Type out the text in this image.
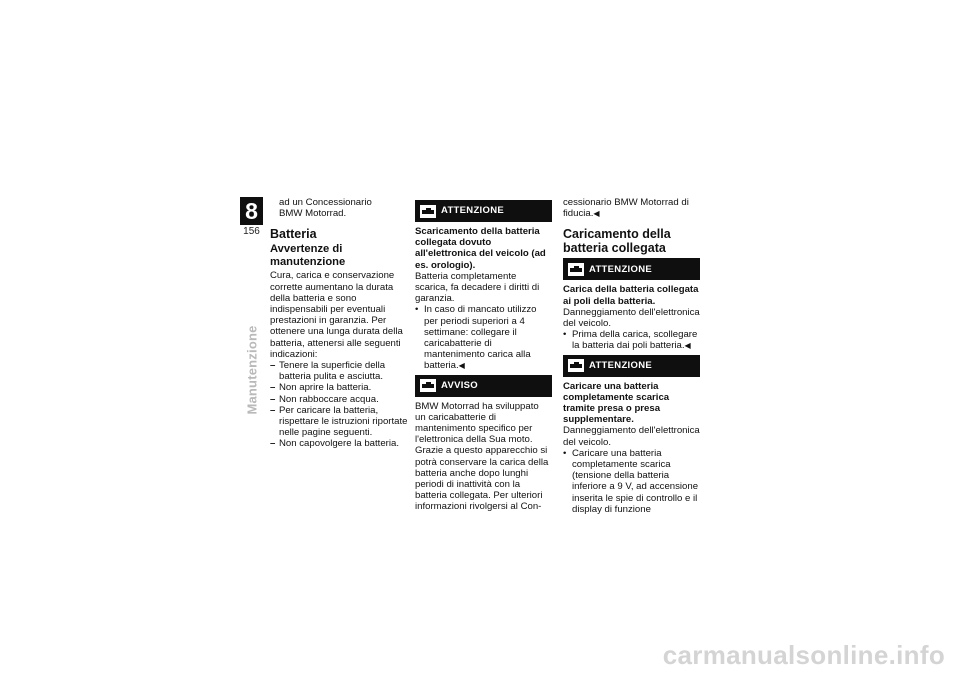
8
156
Manutenzione

ad un Concessionario

BMW Motorrad.

Batteria
Avvertenze di manutenzione

Cura, carica e conservazione corrette aumentano la durata della batteria e sono indispensabili per eventuali prestazioni in garanzia. Per ottenere una lunga durata della batteria, attenersi alle seguenti indicazioni:

– Tenere la superficie della batteria pulita e asciutta.
– Non aprire la batteria.
– Non rabboccare acqua.
– Per caricare la batteria, rispettare le istruzioni riportate nelle pagine seguenti.
– Non capovolgere la batteria.
ATTENZIONE

Scaricamento della batteria collegata dovuto all'elettronica del veicolo (ad es. orologio).

Batteria completamente scarica, fa decadere i diritti di garanzia.

• In caso di mancato utilizzo per periodi superiori a 4 settimane: collegare il caricabatterie di mantenimento carica alla batteria.◀
AVVISO

BMW Motorrad ha sviluppato un caricabatterie di mantenimento specifico per l'elettronica della Sua moto. Grazie a questo apparecchio si potrà conservare la carica della batteria anche dopo lunghi periodi di inattività con la batteria collegata. Per ulteriori informazioni rivolgersi al Con-

cessionario BMW Motorrad di fiducia.◀

Caricamento della batteria collegata
ATTENZIONE

Carica della batteria collegata ai poli della batteria.

Danneggiamento dell'elettronica del veicolo.

• Prima della carica, scollegare la batteria dai poli batteria.◀
ATTENZIONE

Caricare una batteria completamente scarica tramite presa o presa supplementare.

Danneggiamento dell'elettronica del veicolo.

• Caricare una batteria completamente scarica (tensione della batteria inferiore a 9 V, ad accensione inserita le spie di controllo e il display di funzione
carmanualsonline.info
